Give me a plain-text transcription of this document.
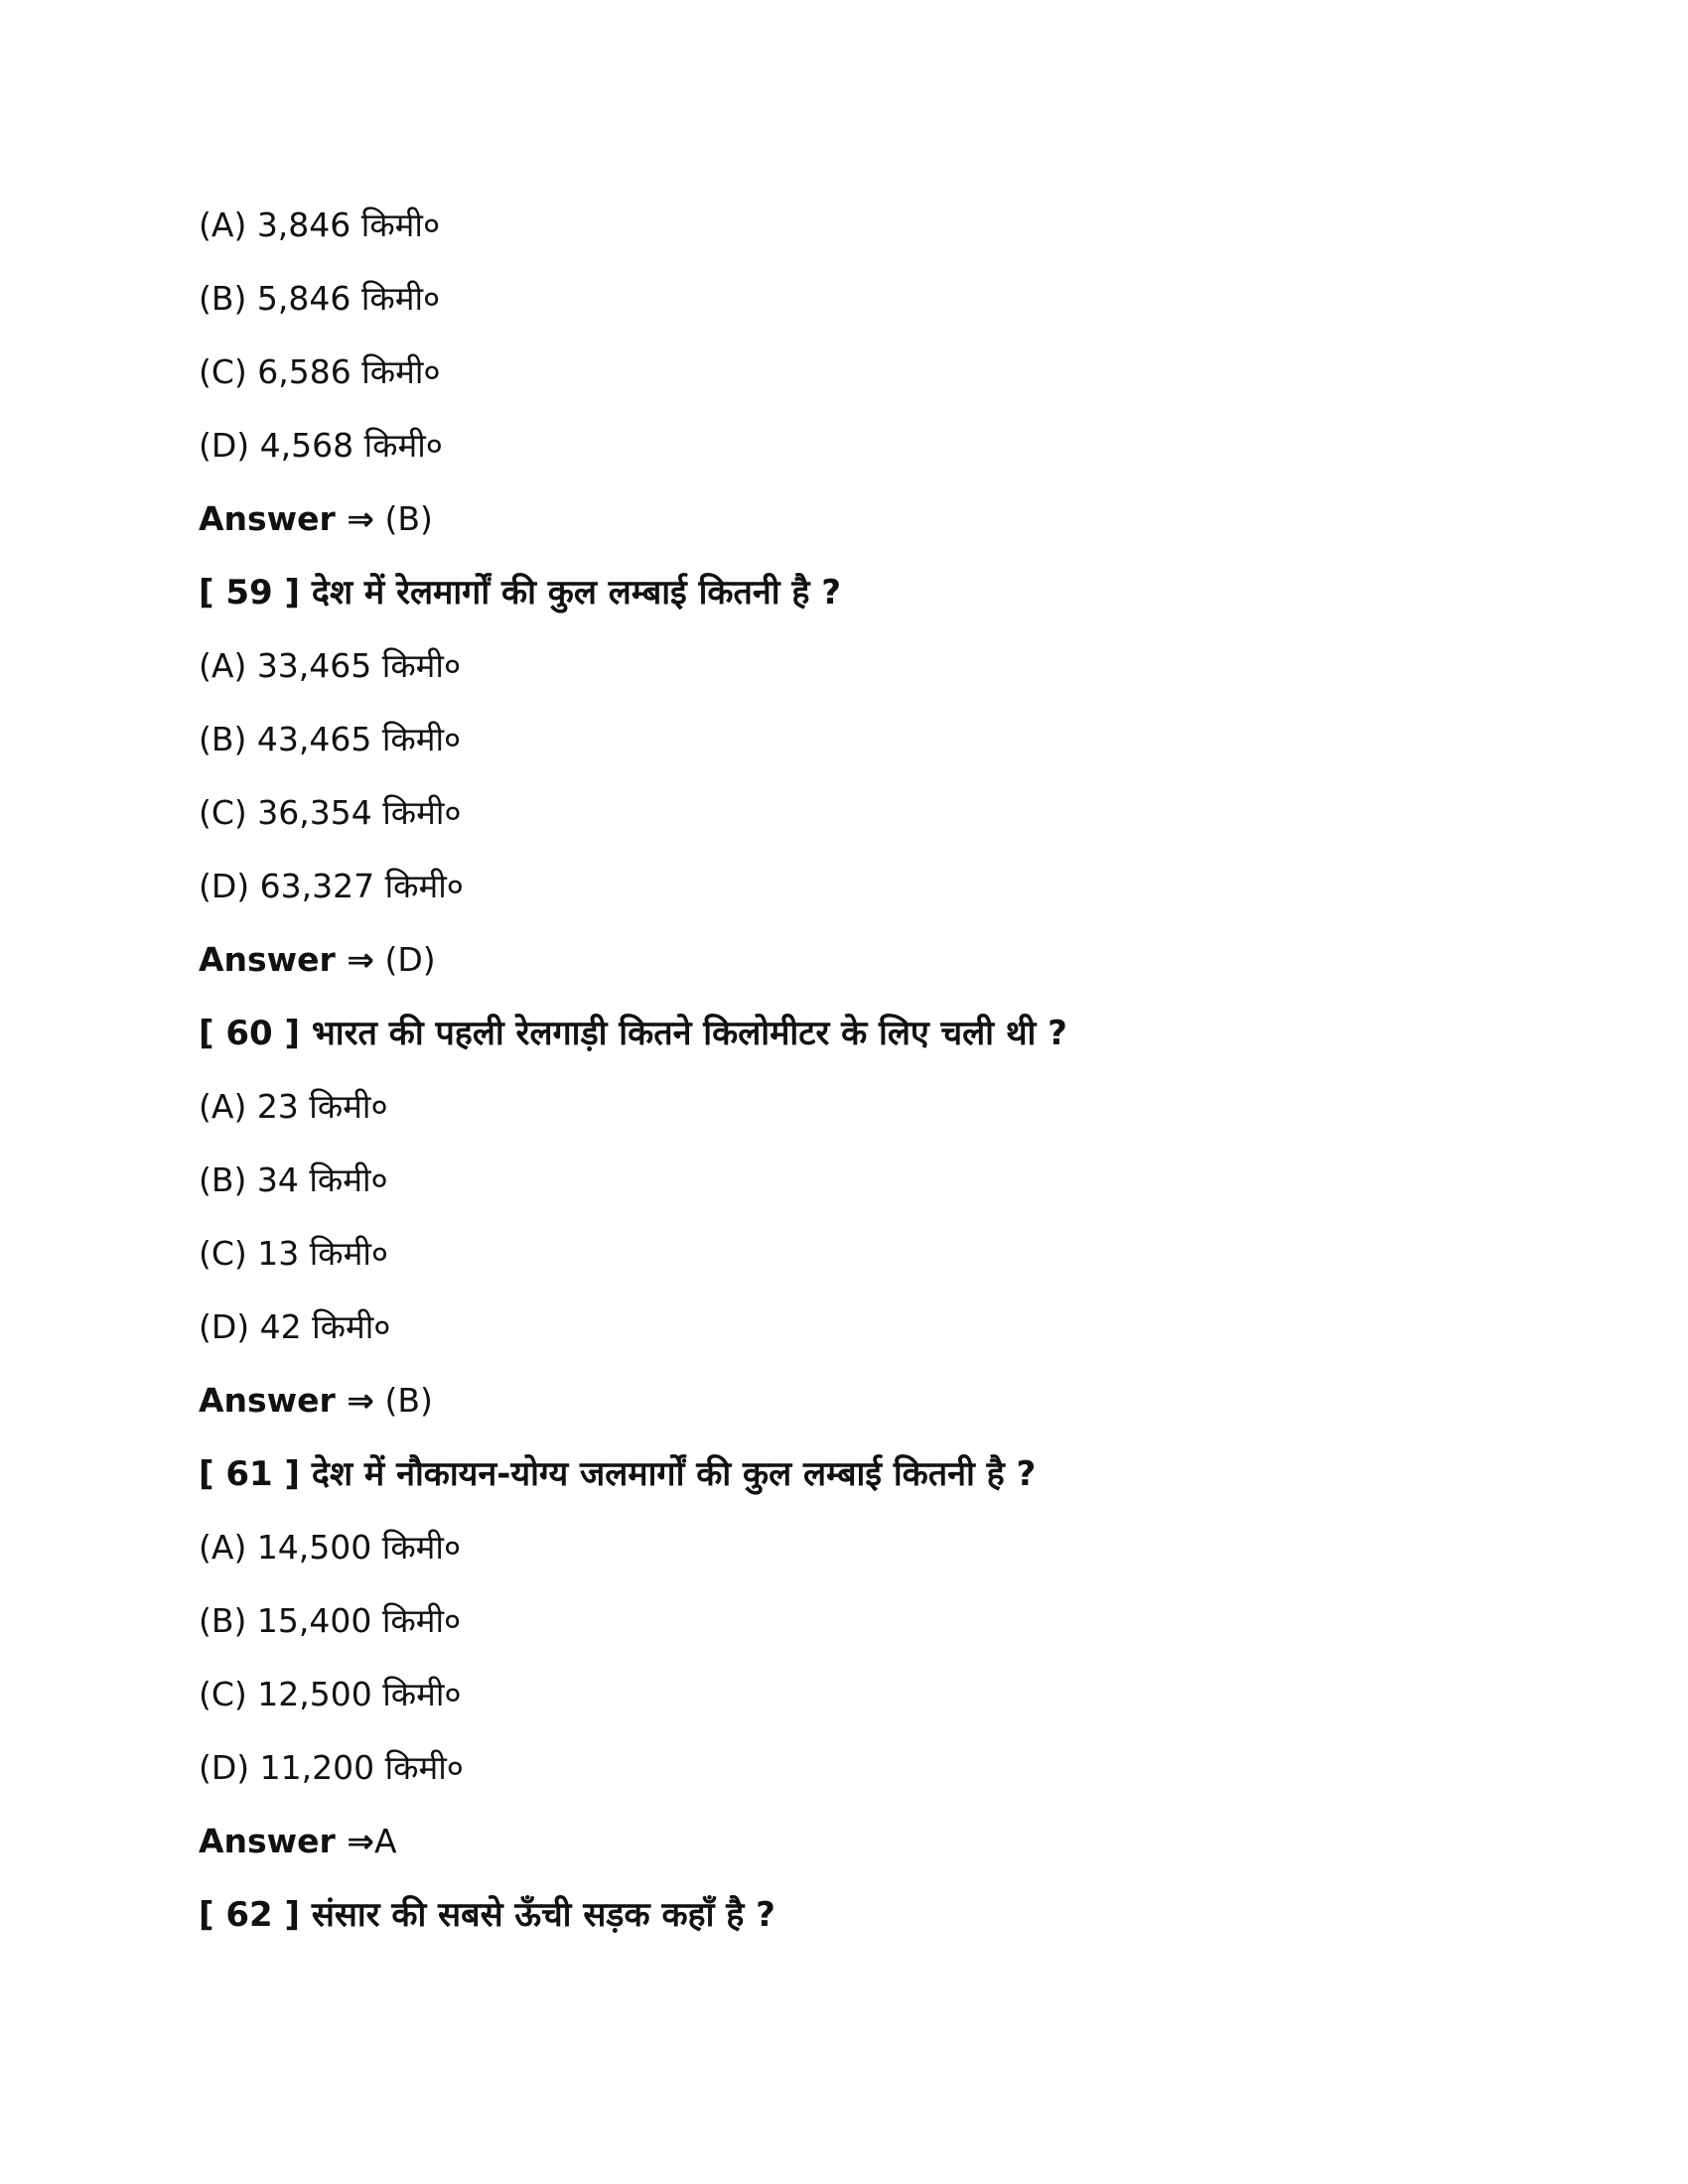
(A) 3,846 किमी०
(B) 5,846 किमी०
(C) 6,586 किमी०
(D) 4,568 किमी०
Answer ⇒ (B)
[ 59 ] देश में रेलमार्गों की कुल लम्बाई कितनी है ?
(A) 33,465 किमी०
(B) 43,465 किमी०
(C) 36,354 किमी०
(D) 63,327 किमी०
Answer ⇒ (D)
[ 60 ] भारत की पहली रेलगाड़ी कितने किलोमीटर के लिए चली थी ?
(A) 23 किमी०
(B) 34 किमी०
(C) 13 किमी०
(D) 42 किमी०
Answer ⇒ (B)
[ 61 ] देश में नौकायन-योग्य जलमार्गों की कुल लम्बाई कितनी है ?
(A) 14,500 किमी०
(B) 15,400 किमी०
(C) 12,500 किमी०
(D) 11,200 किमी०
Answer ⇒A
[ 62 ] संसार की सबसे ऊँची सड़क कहाँ है ?
